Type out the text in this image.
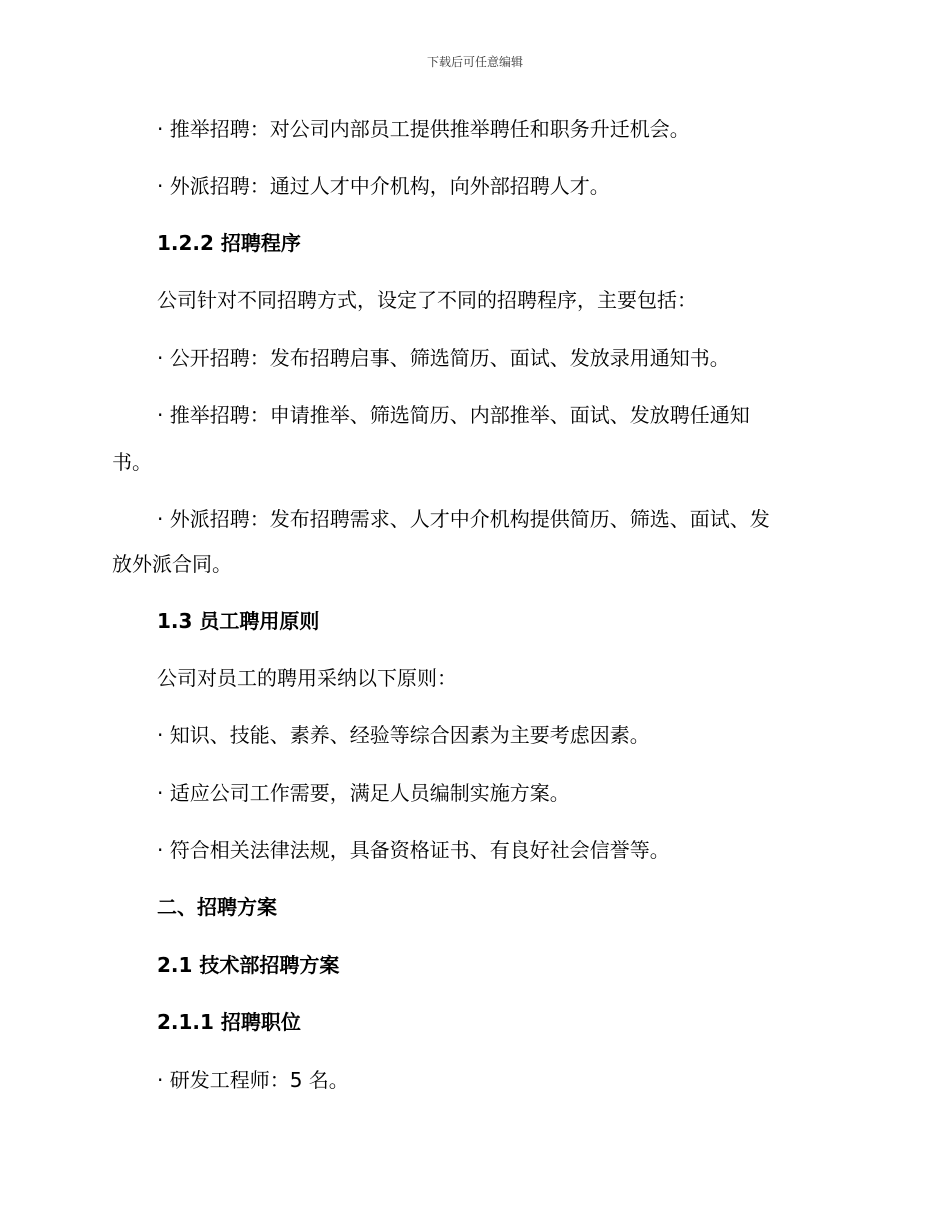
下载后可任意编辑
· 推举招聘：对公司内部员工提供推举聘任和职务升迁机会。
· 外派招聘：通过人才中介机构，向外部招聘人才。
1.2.2 招聘程序
公司针对不同招聘方式，设定了不同的招聘程序，主要包括：
· 公开招聘：发布招聘启事、筛选简历、面试、发放录用通知书。
· 推举招聘：申请推举、筛选简历、内部推举、面试、发放聘任通知
书。
· 外派招聘：发布招聘需求、人才中介机构提供简历、筛选、面试、发
放外派合同。
1.3 员工聘用原则
公司对员工的聘用采纳以下原则：
· 知识、技能、素养、经验等综合因素为主要考虑因素。
· 适应公司工作需要，满足人员编制实施方案。
· 符合相关法律法规，具备资格证书、有良好社会信誉等。
二、招聘方案
2.1 技术部招聘方案
2.1.1 招聘职位
· 研发工程师：5 名。
